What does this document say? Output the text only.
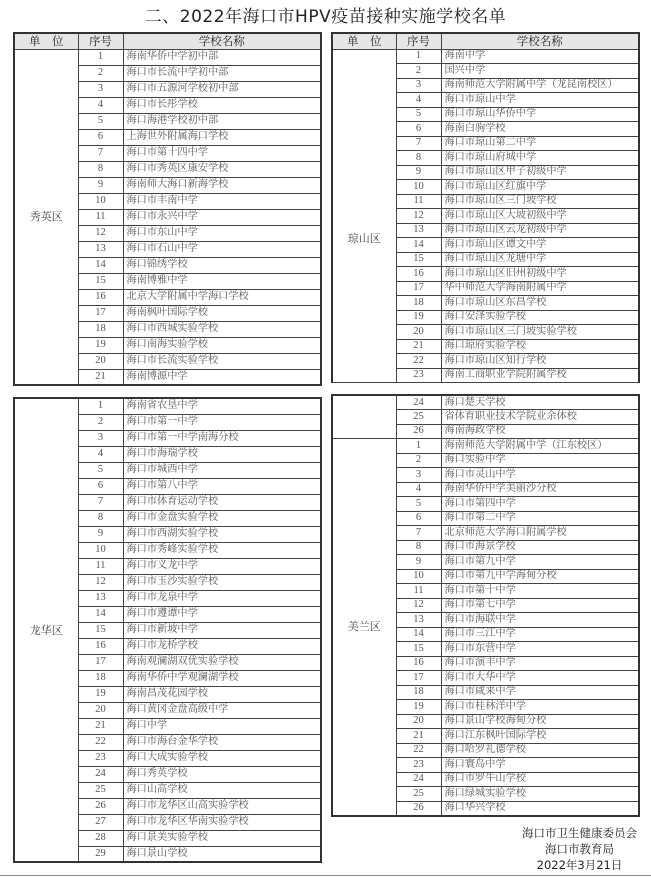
二、2022年海口市HPV疫苗接种实施学校名单
单　位	序号	学校名称
秀英区	1	海南华侨中学初中部
	2	海口市长流中学初中部
	3	海口市五源河学校初中部
	4	海口市长彤学校
	5	海口海港学校初中部
	6	上海世外附属海口学校
	7	海口市第十四中学
	8	海口市秀英区康安学校
	9	海南师大海口新海学校
	10	海口市丰南中学
	11	海口市永兴中学
	12	海口市东山中学
	13	海口市石山中学
	14	海口锦绣学校
	15	海南博雅中学
	16	北京大学附属中学海口学校
	17	海南枫叶国际学校
	18	海口市西城实验学校
	19	海口南海实验学校
	20	海口市长流实验学校
	21	海南博源中学
龙华区	1	海南省农垦中学
	2	海口市第一中学
	3	海口市第一中学南海分校
	4	海口市海瑞学校
	5	海口市城西中学
	6	海口市第八中学
	7	海口市体育运动学校
	8	海口市金盘实验学校
	9	海口市西湖实验学校
	10	海口市秀峰实验学校
	11	海口市义龙中学
	12	海口市玉沙实验学校
	13	海口市龙泉中学
	14	海口市遵谭中学
	15	海口市新坡中学
	16	海口市龙桥学校
	17	海南观澜湖双优实验学校
	18	海南华侨中学观澜湖学校
	19	海南昌茂花园学校
	20	海口黄冈金盘高级中学
	21	海口中学
	22	海口市海台金华学校
	23	海口大成实验学校
	24	海口秀英学校
	25	海口山高学校
	26	海口市龙华区山高实验学校
	27	海口市龙华区华南实验学校
	28	海口景美实验学校
	29	海口景山学校
单　位	序号	学校名称
琼山区	1	海南中学
	2	国兴中学
	3	海南师范大学附属中学（龙昆南校区）
	4	海口市琼山中学
	5	海口市琼山华侨中学
	6	海南白驹学校
	7	海口市琼山第二中学
	8	海口市琼山府城中学
	9	海口市琼山区甲子初级中学
	10	海口市琼山区红旗中学
	11	海口市琼山区三门坡学校
	12	海口市琼山区大坡初级中学
	13	海口市琼山区云龙初级中学
	14	海口市琼山区谭文中学
	15	海口市琼山区龙塘中学
	16	海口市琼山区旧州初级中学
	17	华中师范大学海南附属中学
	18	海口市琼山区东昌学校
	19	海口安泽实验学校
	20	海口市琼山区三门坡实验学校
	21	海口琼府实验学校
	22	海口市琼山区知行学校
	23	海南工商职业学院附属学校
	24	海口楚天学校
	25	省体育职业技术学院业余体校
	26	海南海政学校
美兰区	1	海南师范大学附属中学（江东校区）
	2	海口实验中学
	3	海口市灵山中学
	4	海南华侨中学美丽沙分校
	5	海口市第四中学
	6	海口市第二中学
	7	北京师范大学海口附属学校
	8	海口市海景学校
	9	海口市第九中学
	10	海口市第九中学海甸分校
	11	海口市第十中学
	12	海口市第七中学
	13	海口市海联中学
	14	海口市三江中学
	15	海口市东营中学
	16	海口市演丰中学
	17	海口市大华中学
	18	海口市咸来中学
	19	海口市桂林洋中学
	20	海口景山学校海甸分校
	21	海口江东枫叶国际学校
	22	海口哈罗礼德学校
	23	海口寰岛中学
	24	海口市罗牛山学校
	25	海口绿城实验学校
	26	海口华兴学校
海口市卫生健康委员会
海口市教育局
2022年3月21日
